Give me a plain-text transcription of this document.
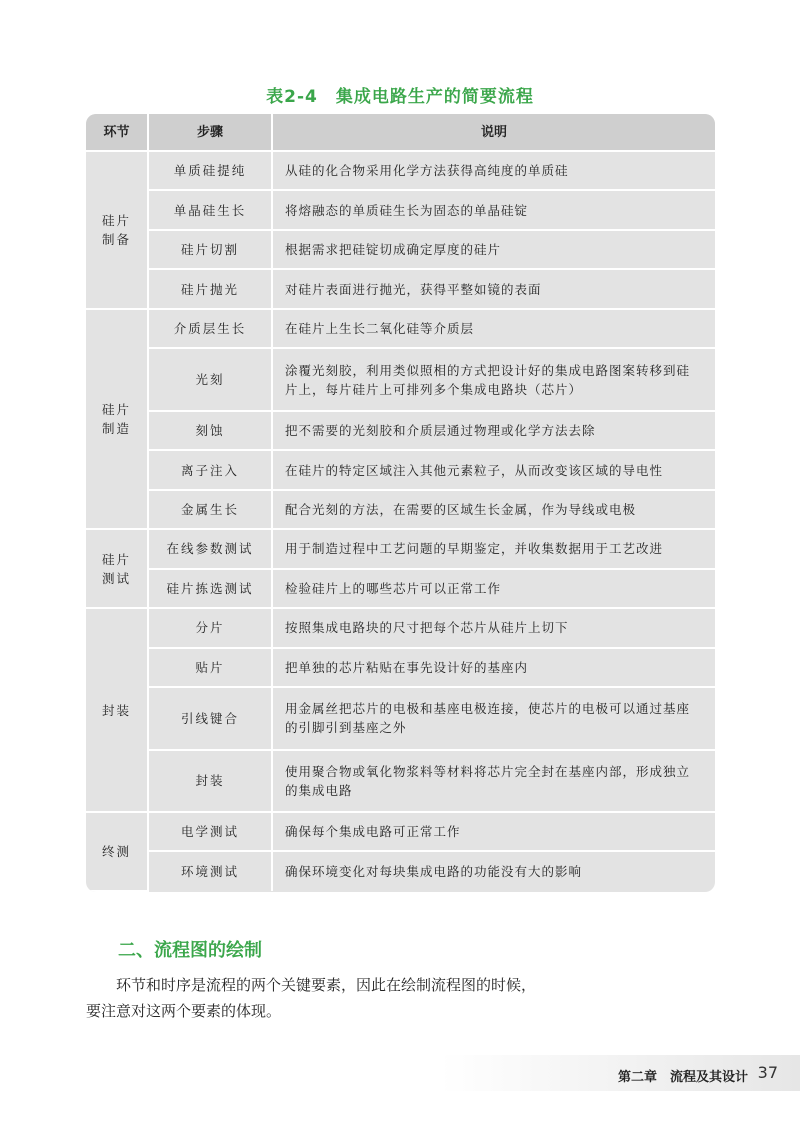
表2-4　集成电路生产的简要流程
环节	步骤	说明
硅片
制备	单质硅提纯	从硅的化合物采用化学方法获得高纯度的单质硅
	单晶硅生长	将熔融态的单质硅生长为固态的单晶硅锭
	硅片切割	根据需求把硅锭切成确定厚度的硅片
	硅片抛光	对硅片表面进行抛光，获得平整如镜的表面
硅片
制造	介质层生长	在硅片上生长二氧化硅等介质层
	光刻	涂覆光刻胶，利用类似照相的方式把设计好的集成电路图案转移到硅片上，每片硅片上可排列多个集成电路块（芯片）
	刻蚀	把不需要的光刻胶和介质层通过物理或化学方法去除
	离子注入	在硅片的特定区域注入其他元素粒子，从而改变该区域的导电性
	金属生长	配合光刻的方法，在需要的区域生长金属，作为导线或电极
硅片
测试	在线参数测试	用于制造过程中工艺问题的早期鉴定，并收集数据用于工艺改进
	硅片拣选测试	检验硅片上的哪些芯片可以正常工作
封装	分片	按照集成电路块的尺寸把每个芯片从硅片上切下
	贴片	把单独的芯片粘贴在事先设计好的基座内
	引线键合	用金属丝把芯片的电极和基座电极连接，使芯片的电极可以通过基座的引脚引到基座之外
	封装	使用聚合物或氧化物浆料等材料将芯片完全封在基座内部，形成独立的集成电路
终测	电学测试	确保每个集成电路可正常工作
	环境测试	确保环境变化对每块集成电路的功能没有大的影响
二、流程图的绘制

环节和时序是流程的两个关键要素，因此在绘制流程图的时候，

要注意对这两个要素的体现。

第二章　流程及其设计 37
